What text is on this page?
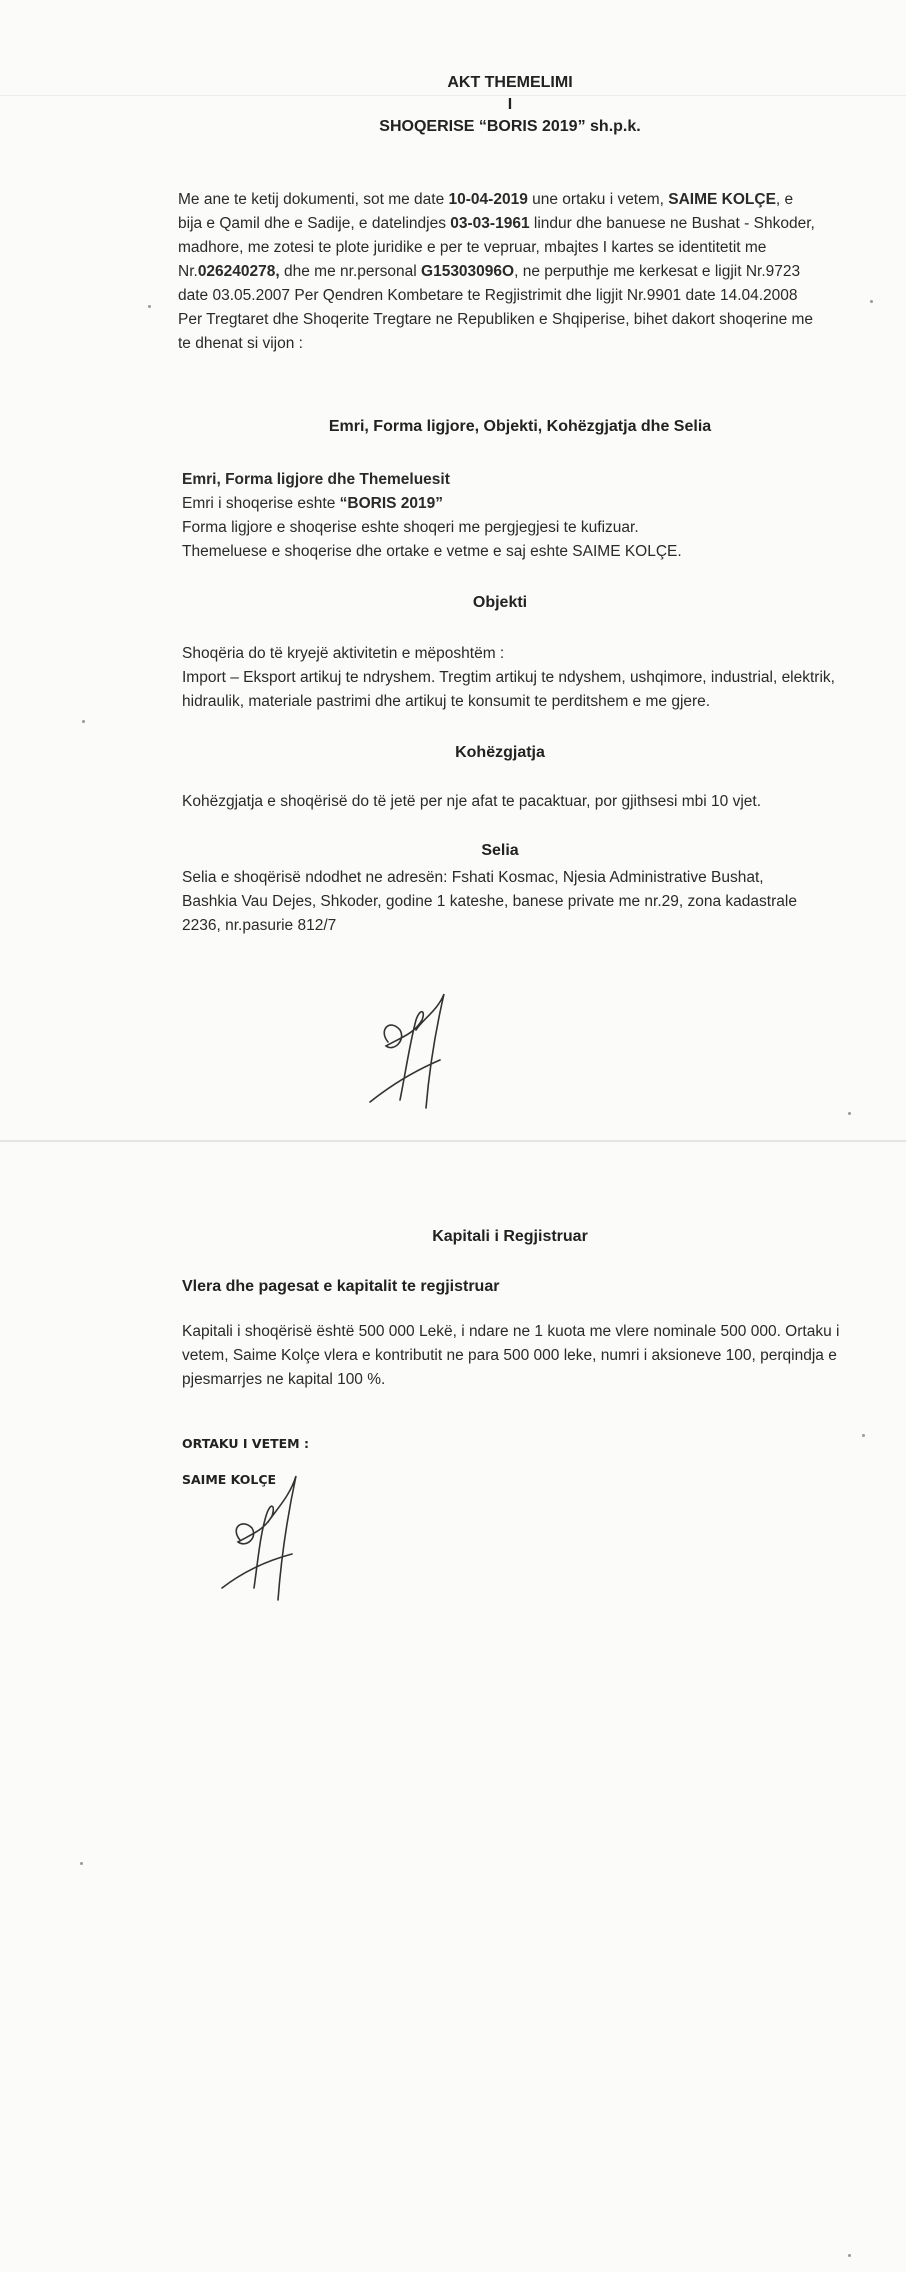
AKT THEMELIMI
I
SHOQERISE “BORIS 2019” sh.p.k.
Me ane te ketij dokumenti, sot me date 10-04-2019 une ortaku i vetem, SAIME KOLÇE, e bija e Qamil dhe e Sadije, e datelindjes 03-03-1961 lindur dhe banuese ne Bushat - Shkoder, madhore, me zotesi te plote juridike e per te vepruar, mbajtes I kartes se identitetit me Nr.026240278, dhe me nr.personal G15303096O, ne perputhje me kerkesat e ligjit Nr.9723 date 03.05.2007 Per Qendren Kombetare te Regjistrimit dhe ligjit Nr.9901 date 14.04.2008 Per Tregtaret dhe Shoqerite Tregtare ne Republiken e Shqiperise, bihet dakort shoqerine me te dhenat si vijon :
Emri, Forma ligjore, Objekti, Kohëzgjatja dhe Selia
Emri, Forma ligjore dhe Themeluesit
Emri i shoqerise eshte “BORIS 2019”
Forma ligjore e shoqerise eshte shoqeri me pergjegjesi te kufizuar.
Themeluese e shoqerise dhe ortake e vetme e saj eshte SAIME KOLÇE.
Objekti
Shoqëria do të kryejë aktivitetin e mëposhtëm :
Import – Eksport artikuj te ndryshem. Tregtim artikuj te ndyshem, ushqimore, industrial, elektrik, hidraulik, materiale pastrimi dhe artikuj te konsumit te perditshem e me gjere.
Kohëzgjatja
Kohëzgjatja e shoqërisë do të jetë per nje afat te pacaktuar, por gjithsesi mbi 10 vjet.
Selia
Selia e shoqërisë ndodhet ne adresën: Fshati Kosmac, Njesia Administrative Bushat, Bashkia Vau Dejes, Shkoder, godine 1 kateshe, banese private me nr.29, zona kadastrale 2236, nr.pasurie 812/7
Kapitali i Regjistruar
Vlera dhe pagesat e kapitalit te regjistruar
Kapitali i shoqërisë është 500 000 Lekë, i ndare ne 1 kuota me vlere nominale 500 000. Ortaku i vetem, Saime Kolçe vlera e kontributit ne para 500 000 leke, numri i aksioneve 100, perqindja e pjesmarrjes ne kapital 100 %.
ORTAKU I VETEM :
SAIME KOLÇE
